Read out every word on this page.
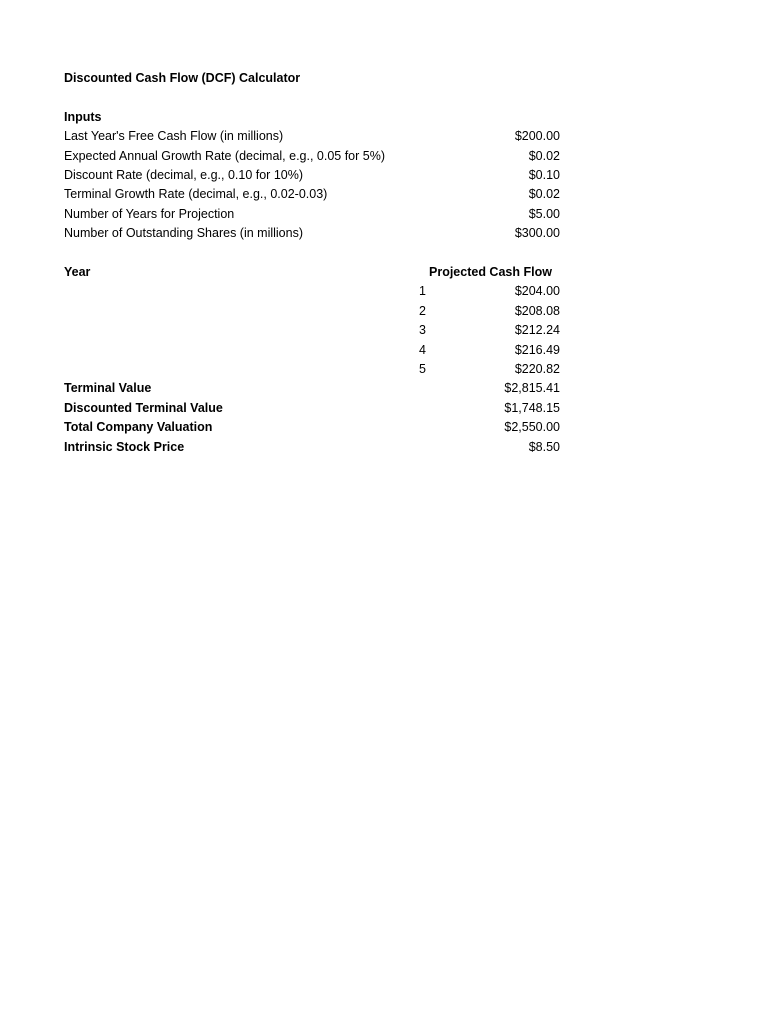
Discounted Cash Flow (DCF) Calculator
Inputs
Last Year's Free Cash Flow (in millions)	$200.00
Expected Annual Growth Rate (decimal, e.g., 0.05 for 5%)	$0.02
Discount Rate (decimal, e.g., 0.10 for 10%)	$0.10
Terminal Growth Rate (decimal, e.g., 0.02-0.03)	$0.02
Number of Years for Projection	$5.00
Number of Outstanding Shares (in millions)	$300.00
Year	Projected Cash Flow
1	$204.00
2	$208.08
3	$212.24
4	$216.49
5	$220.82
Terminal Value	$2,815.41
Discounted Terminal Value	$1,748.15
Total Company Valuation	$2,550.00
Intrinsic Stock Price	$8.50
